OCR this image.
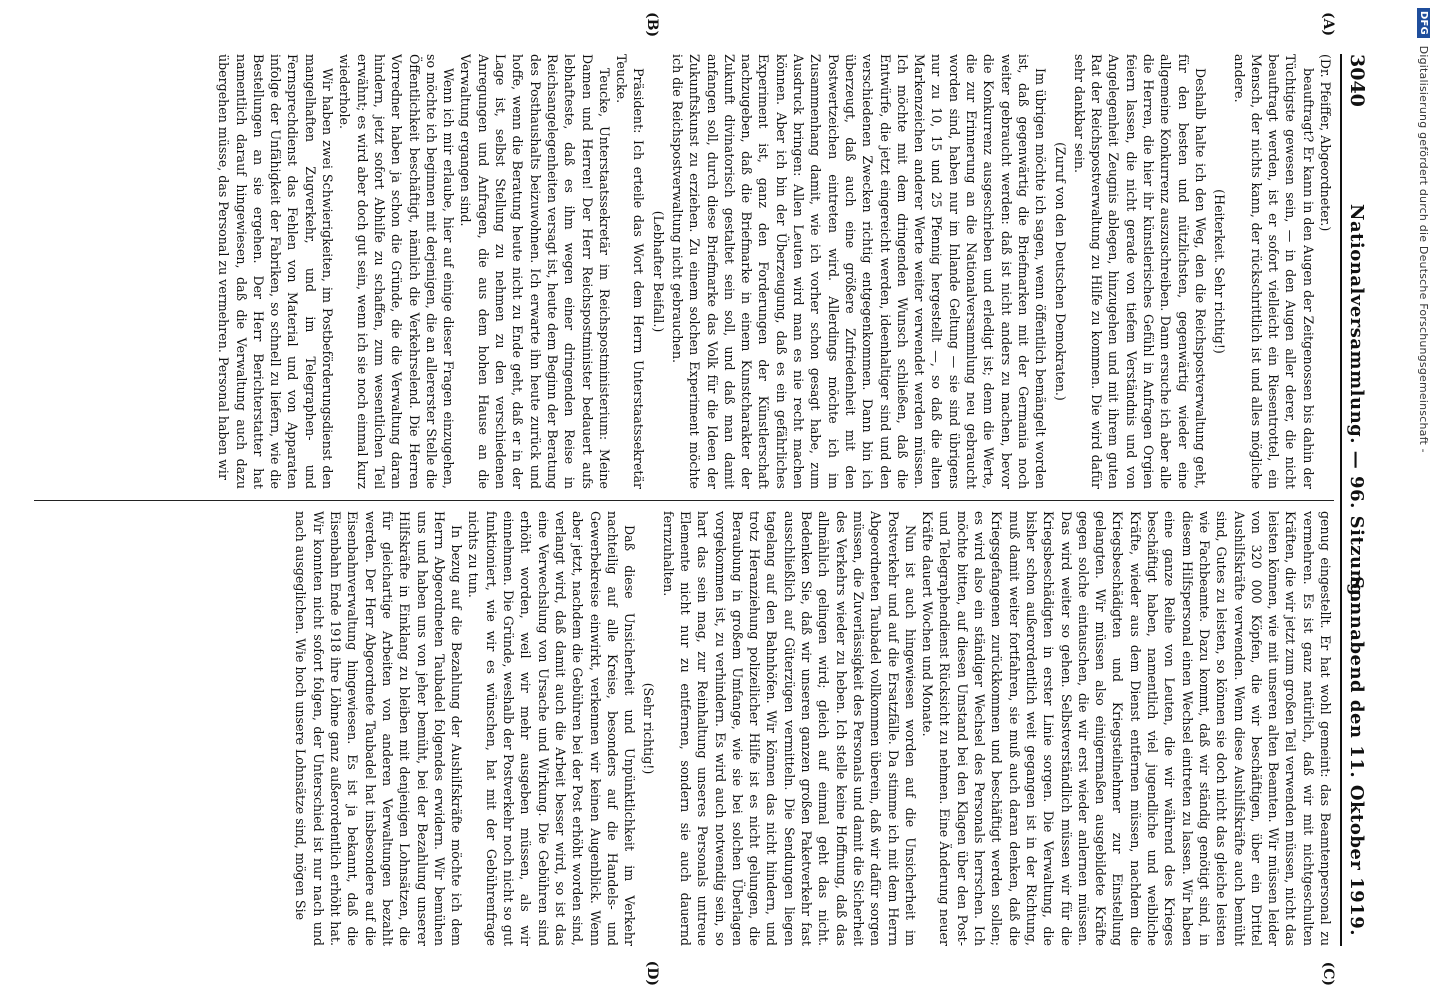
3040
Nationalversammlung. — 96. Sitzung.
Sonnabend den 11. Oktober 1919.
(A)
(B)
(C)
(D)

(Dr. Pfeiffer, Abgeordneter.)

beauftragt? Er kann in den Augen der Zeitgenossen bis dahin der Tüchtigste gewesen sein, — in den Augen aller derer, die nicht beauftragt werden, ist er sofort vielleicht ein Riesentrottel, ein Mensch, der nichts kann, der rückschrittlich ist und alles mögliche andere.

(Heiterkeit. Sehr richtig!)

Deshalb halte ich den Weg, den die Reichspostverwaltung geht, für den besten und nützlichsten, gegenwärtig wieder eine allgemeine Konkurrenz auszuschreiben. Dann ersuche ich aber alle die Herren, die hier ihr künstlerisches Gefühl in Anfragen Orgien feiern lassen, die nicht gerade von tiefem Verständnis und von Angelegenheit Zeugnis ablegen, hinzugehen und mit ihrem guten Rat der Reichspostverwaltung zu Hilfe zu kommen. Die wird dafür sehr dankbar sein.

(Zuruf von den Deutschen Demokraten.)

Im übrigen möchte ich sagen, wenn öffentlich bemängelt worden ist, daß gegenwärtig die Briefmarken mit der Germania noch weiter gebraucht werden: daß ist nicht anders zu machen, bevor die Konkurrenz ausgeschrieben und erledigt ist; denn die Werte, die zur Erinnerung an die Nationalversammlung neu gebraucht worden sind, haben nur im Inlande Geltung — sie sind übrigens nur zu 10, 15 und 25 Pfennig hergestellt —, so daß die alten Markenzeichen anderer Werte weiter verwendet werden müssen. Ich möchte mit dem dringenden Wunsch schließen, daß die Entwürfe, die jetzt eingereicht werden, ideenhaltiger sind und den verschiedenen Zwecken richtig entgegenkommen. Dann bin ich überzeugt, daß auch eine größere Zufriedenheit mit den Postwertzeichen eintreten wird. Allerdings möchte ich im Zusammenhang damit, wie ich vorher schon gesagt habe, zum Ausdruck bringen: Allen Leuten wird man es nie recht machen können. Aber ich bin der Überzeugung, daß es ein gefährliches Experiment ist, ganz den Forderungen der Künstlerschaft nachzugeben, daß die Briefmarke in einem Kunstcharakter der Zukunft divinatorisch gestaltet sein soll, und daß man damit anfangen soll, durch diese Briefmarke das Volk für die Ideen der Zukunftskunst zu erziehen. Zu einem solchen Experiment möchte ich die Reichspostverwaltung nicht gebrauchen.

(Lebhafter Beifall.)

Präsident: Ich erteile das Wort dem Herrn Unterstaatssekretär Teucke.

Teucke, Unterstaatssekretär im Reichspostministerium: Meine Damen und Herren! Der Herr Reichspostminister bedauert aufs lebhafteste, daß es ihm wegen einer dringenden Reise in Reichsangelegenheiten versagt ist, heute dem Beginn der Beratung des Posthaushalts beizuwohnen. Ich erwarte ihn heute zurück und hoffe, wenn die Beratung heute nicht zu Ende geht, daß er in der Lage ist, selbst Stellung zu nehmen zu den verschiedenen Anregungen und Anfragen, die aus dem hohen Hause an die Verwaltung ergangen sind.

Wenn ich mir erlaube, hier auf einige dieser Fragen einzugehen, so möchte ich beginnen mit derjenigen, die an allererster Stelle die Öffentlichkeit beschäftigt, nämlich die Verkehrselend. Die Herren Vorredner haben ja schon die Gründe, die die Verwaltung daran hindern, jetzt sofort Abhilfe zu schaffen, zum wesentlichen Teil erwähnt; es wird aber doch gut sein, wenn ich sie noch einmal kurz wiederhole.

Wir haben zwei Schwierigkeiten, im Postbeförderungsdienst den mangelhaften Zugverkehr, und im Telegraphen- und Fernsprechdienst das Fehlen von Material und von Apparaten infolge der Unfähigkeit der Fabriken, so schnell zu liefern, wie die Bestellungen an sie ergehen. Der Herr Berichterstatter hat namentlich darauf hingewiesen, daß die Verwaltung auch dazu übergehen müsse, das Personal zu vermehren. Personal haben wir

genug eingestellt. Er hat wohl gemeint: das Beamtenpersonal zu vermehren. Es ist ganz natürlich, daß wir mit nichtgeschulten Kräften, die wir jetzt zum großen Teil verwenden müssen, nicht das leisten können, wie mit unseren alten Beamten. Wir müssen leider von 320 000 Köpfen, die wir beschäftigen, über ein Drittel Aushilfskräfte verwenden. Wenn diese Aushilfskräfte auch bemüht sind, Gutes zu leisten, so können sie doch nicht das gleiche leisten wie Fachbeamte. Dazu kommt, daß wir ständig genötigt sind, in diesem Hilfspersonal einen Wechsel eintreten zu lassen. Wir haben eine ganze Reihe von Leuten, die wir während des Krieges beschäftigt haben, namentlich viel jugendliche und weibliche Kräfte, wieder aus dem Dienst entfernen müssen, nachdem die Kriegsbeschädigten und Kriegsteilnehmer zur Einstellung gelangten. Wir müssen also einigermaßen ausgebildete Kräfte gegen solche eintauschen, die wir erst wieder anlernen müssen. Das wird weiter so gehen. Selbstverständlich müssen wir für die Kriegsbeschädigten in erster Linie sorgen. Die Verwaltung, die bisher schon außerordentlich weit gegangen ist in der Richtung, muß damit weiter fortfahren, sie muß auch daran denken, daß die Kriegsgefangenen zurückkommen und beschäftigt werden sollen; es wird also ein ständiger Wechsel des Personals herrschen. Ich möchte bitten, auf diesen Umstand bei den Klagen über den Post- und Telegraphendienst Rücksicht zu nehmen. Eine Änderung neuer Kräfte dauert Wochen und Monate.

Nun ist auch hingewiesen worden auf die Unsicherheit im Postverkehr und auf die Ersatzfälle. Da stimme ich mit dem Herrn Abgeordneten Taubadel vollkommen überein, daß wir dafür sorgen müssen, die Zuverlässigkeit des Personals und damit die Sicherheit des Verkehrs wieder zu heben. Ich stelle keine Hoffnung, daß das allmählich gelingen wird; gleich auf einmal geht das nicht. Bedenken Sie, daß wir unseren ganzen großen Paketverkehr fast ausschließlich auf Güterzügen vermitteln. Die Sendungen liegen tagelang auf den Bahnhöfen. Wir können das nicht hindern, und trotz Heranziehung polizeilicher Hilfe ist es nicht gelungen, die Beraubung in großem Umfange, wie sie bei solchen Überlagen vorgekommen ist, zu verhindern. Es wird auch notwendig sein, so hart das sein mag, zur Reinhaltung unseres Personals untreue Elemente nicht nur zu entfernen, sondern sie auch dauernd fernzuhalten.

(Sehr richtig!)

Daß diese Unsicherheit und Unpünktlichkeit im Verkehr nachteilig auf alle Kreise, besonders auf die Handels- und Gewerbekreise einwirkt, verkennen wir keinen Augenblick. Wenn aber jetzt, nachdem die Gebühren bei der Post erhöht worden sind, verlangt wird, daß damit auch die Arbeit besser wird, so ist das eine Verwechslung von Ursache und Wirkung. Die Gebühren sind erhöht worden, weil wir mehr ausgeben müssen, als wir einnehmen. Die Gründe, weshalb der Postverkehr noch nicht so gut funktioniert, wie wir es wünschen, hat mit der Gebührenfrage nichts zu tun.

In bezug auf die Bezahlung der Aushilfskräfte möchte ich dem Herrn Abgeordneten Taubadel folgendes erwidern. Wir bemühen uns und haben uns von jeher bemüht, bei der Bezahlung unserer Hilfskräfte in Einklang zu bleiben mit denjenigen Lohnsätzen, die für gleichartige Arbeiten von anderen Verwaltungen bezahlt werden. Der Herr Abgeordnete Taubadel hat insbesondere auf die Eisenbahnverwaltung hingewiesen. Es ist ja bekannt, daß die Eisenbahn Ende 1918 ihre Löhne ganz außerordentlich erhöht hat. Wir konnten nicht sofort folgen, der Unterschied ist nur nach und nach ausgeglichen. Wie hoch unsere Lohnsätze sind, mögen Sie

DFG Digitalisierung gefördert durch die Deutsche Forschungsgemeinschaft -
